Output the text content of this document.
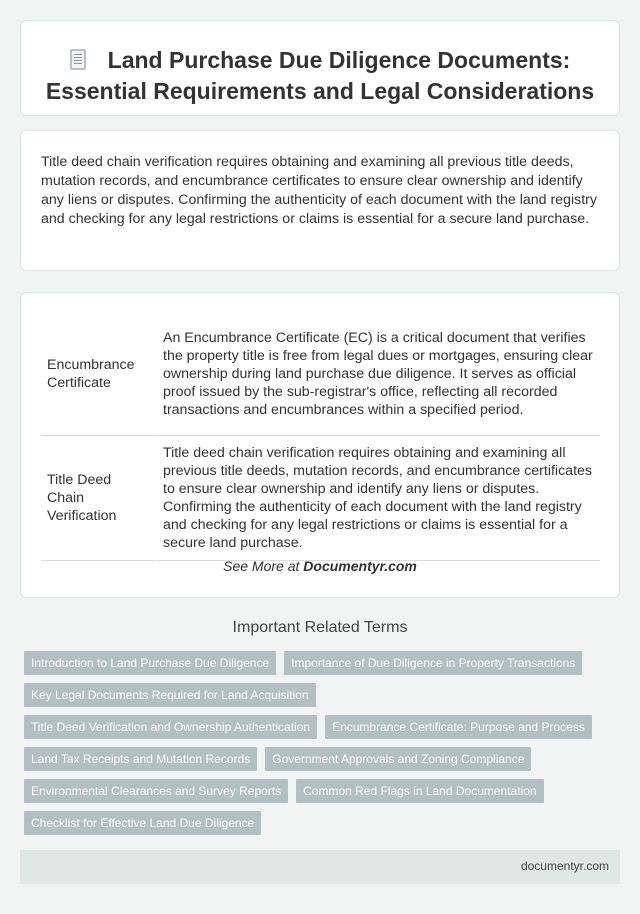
Land Purchase Due Diligence Documents: Essential Requirements and Legal Considerations

Title deed chain verification requires obtaining and examining all previous title deeds, mutation records, and encumbrance certificates to ensure clear ownership and identify any liens or disputes. Confirming the authenticity of each document with the land registry and checking for any legal restrictions or claims is essential for a secure land purchase.

Encumbrance Certificate	An Encumbrance Certificate (EC) is a critical document that verifies the property title is free from legal dues or mortgages, ensuring clear ownership during land purchase due diligence. It serves as official proof issued by the sub-registrar's office, reflecting all recorded transactions and encumbrances within a specified period.
Title Deed Chain Verification	Title deed chain verification requires obtaining and examining all previous title deeds, mutation records, and encumbrance certificates to ensure clear ownership and identify any liens or disputes. Confirming the authenticity of each document with the land registry and checking for any legal restrictions or claims is essential for a secure land purchase.
See More at Documentyr.com
Important Related Terms
Introduction to Land Purchase Due Diligence	Importance of Due Diligence in Property Transactions
Key Legal Documents Required for Land Acquisition
Title Deed Verification and Ownership Authentication	Encumbrance Certificate: Purpose and Process
Land Tax Receipts and Mutation Records	Government Approvals and Zoning Compliance
Environmental Clearances and Survey Reports	Common Red Flags in Land Documentation
Checklist for Effective Land Due Diligence
documentyr.com
